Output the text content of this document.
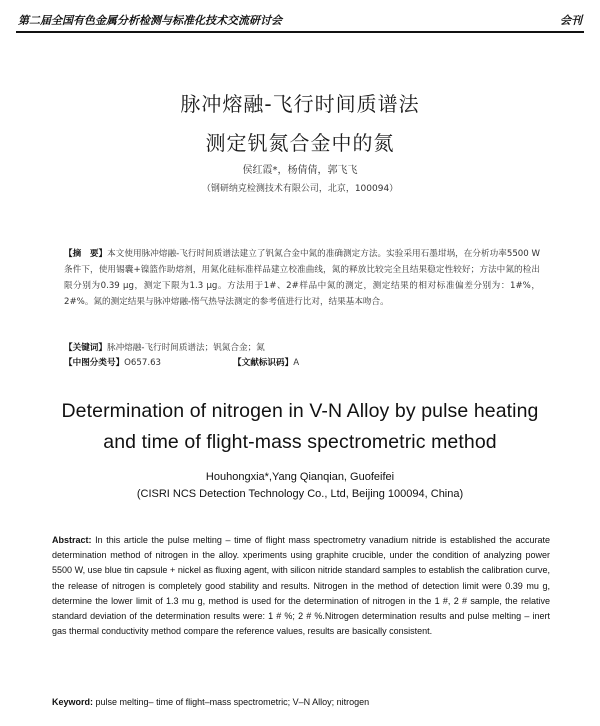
第二届全国有色金属分析检测与标准化技术交流研讨会	会刊
脉冲熔融-飞行时间质谱法
测定钒氮合金中的氮
侯红霞*，杨倩倩，郭飞飞
（钢研纳克检测技术有限公司，北京，100094）
【摘　要】本文使用脉冲熔融-飞行时间质谱法建立了钒氮合金中氮的准确测定方法。实验采用石墨坩埚，在分析功率5500 W条件下，使用锡囊+镍篮作助熔剂，用氮化硅标准样品建立校准曲线，氮的释放比较完全且结果稳定性较好；方法中氮的检出限分别为0.39 μg，测定下限为1.3 μg。方法用于1#、2#样品中氮的测定，测定结果的相对标准偏差分别为：1#%，2#%。氮的测定结果与脉冲熔融-惰气热导法测定的参考值进行比对，结果基本吻合。
【关键词】脉冲熔融-飞行时间质谱法；钒氮合金；氮
【中图分类号】O657.63	【文献标识码】A
Determination of nitrogen in V-N Alloy by pulse heating
and time of flight-mass spectrometric method
Houhongxia*,Yang Qianqian, Guofeifei
(CISRI NCS Detection Technology Co., Ltd, Beijing 100094, China)
Abstract: In this article the pulse melting – time of flight mass spectrometry vanadium nitride is established the accurate determination method of nitrogen in the alloy. xperiments using graphite crucible, under the condition of analyzing power 5500 W, use blue tin capsule + nickel as fluxing agent, with silicon nitride standard samples to establish the calibration curve, the release of nitrogen is completely good stability and results. Nitrogen in the method of detection limit were 0.39 mu g, determine the lower limit of 1.3 mu g, method is used for the determination of nitrogen in the 1 #, 2 # sample, the relative standard deviation of the determination results were: 1 # %; 2 # %.Nitrogen determination results and pulse melting – inert gas thermal conductivity method compare the reference values, results are basically consistent.
Keyword: pulse melting– time of flight–mass spectrometric; V–N Alloy; nitrogen
